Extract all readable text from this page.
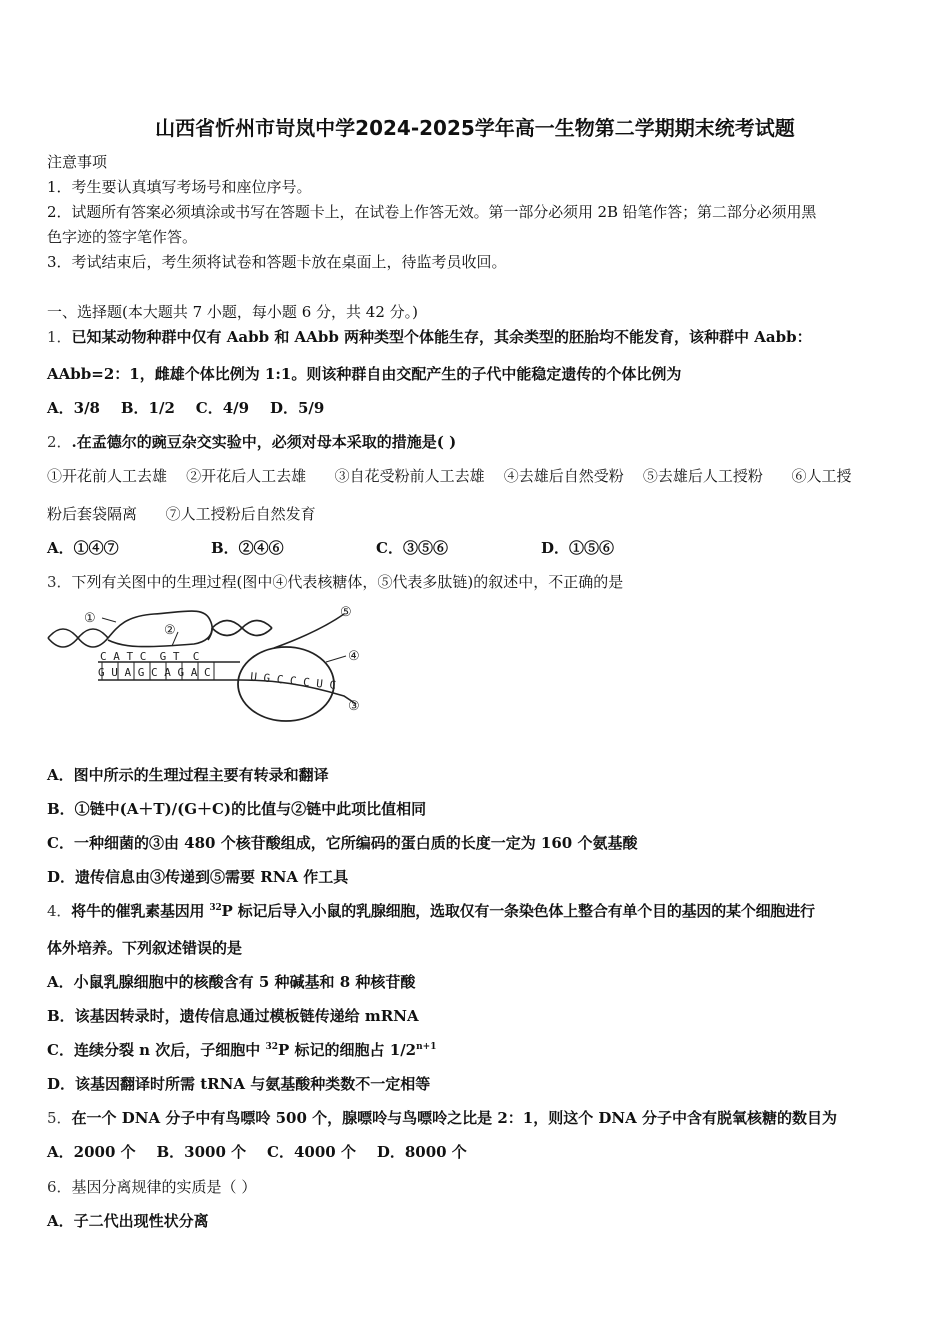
山西省忻州市岢岚中学2024-2025学年高一生物第二学期期末统考试题
注意事项
1．考生要认真填写考场号和座位序号。
2．试题所有答案必须填涂或书写在答题卡上，在试卷上作答无效。第一部分必须用 2B 铅笔作答；第二部分必须用黑
色字迹的签字笔作答。
3．考试结束后，考生须将试卷和答题卡放在桌面上，待监考员收回。
一、选择题(本大题共 7 小题，每小题 6 分，共 42 分。)
1．已知某动物种群中仅有 Aabb 和 AAbb 两种类型个体能生存，其余类型的胚胎均不能发育，该种群中 Aabb：
AAbb=2：1，雌雄个体比例为 1:1。则该种群自由交配产生的子代中能稳定遗传的个体比例为
A．3/8    B．1/2    C．4/9    D．5/9
2．.在孟德尔的豌豆杂交实验中，必须对母本采取的措施是( )
①开花前人工去雄    ②开花后人工去雄      ③自花受粉前人工去雄    ④去雄后自然受粉    ⑤去雄后人工授粉      ⑥人工授
粉后套袋隔离      ⑦人工授粉后自然发育
A．①④⑦	B．②④⑥	C．③⑤⑥	D．①⑤⑥
3．下列有关图中的生理过程(图中④代表核糖体，⑤代表多肽链)的叙述中，不正确的是
①
②
③
④
⑤
C A T C  G T  C
G U A G C A G A C	U G C C C U C
A．图中所示的生理过程主要有转录和翻译
B．①链中(A＋T)/(G＋C)的比值与②链中此项比值相同
C．一种细菌的③由 480 个核苷酸组成，它所编码的蛋白质的长度一定为 160 个氨基酸
D．遗传信息由③传递到⑤需要 RNA 作工具
4．将牛的催乳素基因用 $^{32}$P 标记后导入小鼠的乳腺细胞，选取仅有一条染色体上整合有单个目的基因的某个细胞进行
体外培养。下列叙述错误的是
A．小鼠乳腺细胞中的核酸含有 5 种碱基和 8 种核苷酸
B．该基因转录时，遗传信息通过模板链传递给 mRNA
C．连续分裂 n 次后，子细胞中 $^{32}$P 标记的细胞占 $1/2^{n+1}$
D．该基因翻译时所需 tRNA 与氨基酸种类数不一定相等
5．在一个 DNA 分子中有鸟嘌呤 500 个，腺嘌呤与鸟嘌呤之比是 2：1，则这个 DNA 分子中含有脱氧核糖的数目为
A．2000 个    B．3000 个    C．4000 个    D．8000 个
6．基因分离规律的实质是（ ）
A．子二代出现性状分离
